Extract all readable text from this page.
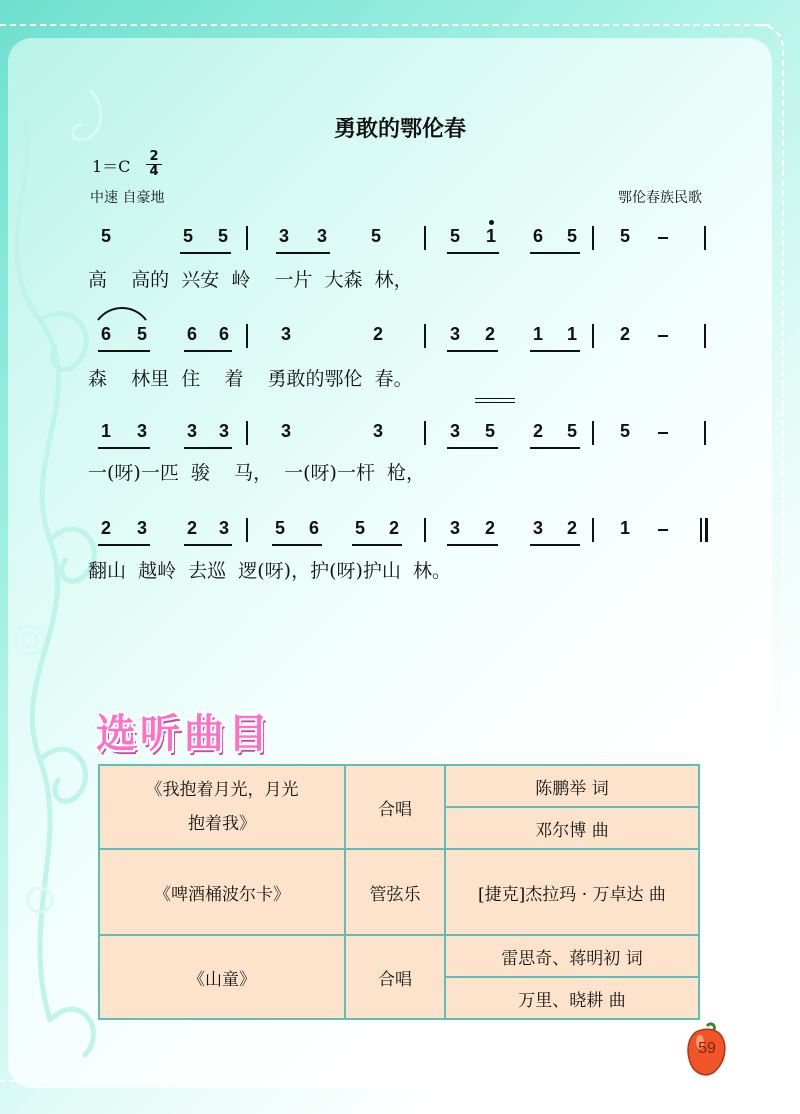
勇敢的鄂伦春
1＝C
2
4
中速 自豪地	鄂伦春族民歌
高    高的  兴安  岭    一片  大森  林，
森    林里  住    着    勇敢的鄂伦  春。
一(呀)一匹  骏    马，  一(呀)一杆  枪，
翻山  越岭  去巡  逻(呀)，护(呀)护山  林。
5	5 5	3 3 5	5 1 6 5 5
6 5 6 6	3	2	3 2 1 1 2
1 3 3 3	3	3	3 5 2 5 5
2 3 2 3	5 6 5 2	3 2 3 2 1
选听曲目
《我抱着月光，月光
抱着我》	合唱	陈鹏举 词
		邓尔博 曲
《啤酒桶波尔卡》	管弦乐	[捷克]杰拉玛 · 万卓达 曲
《山童》	合唱	雷思奇、蒋明初 词
		万里、晓耕 曲
59
